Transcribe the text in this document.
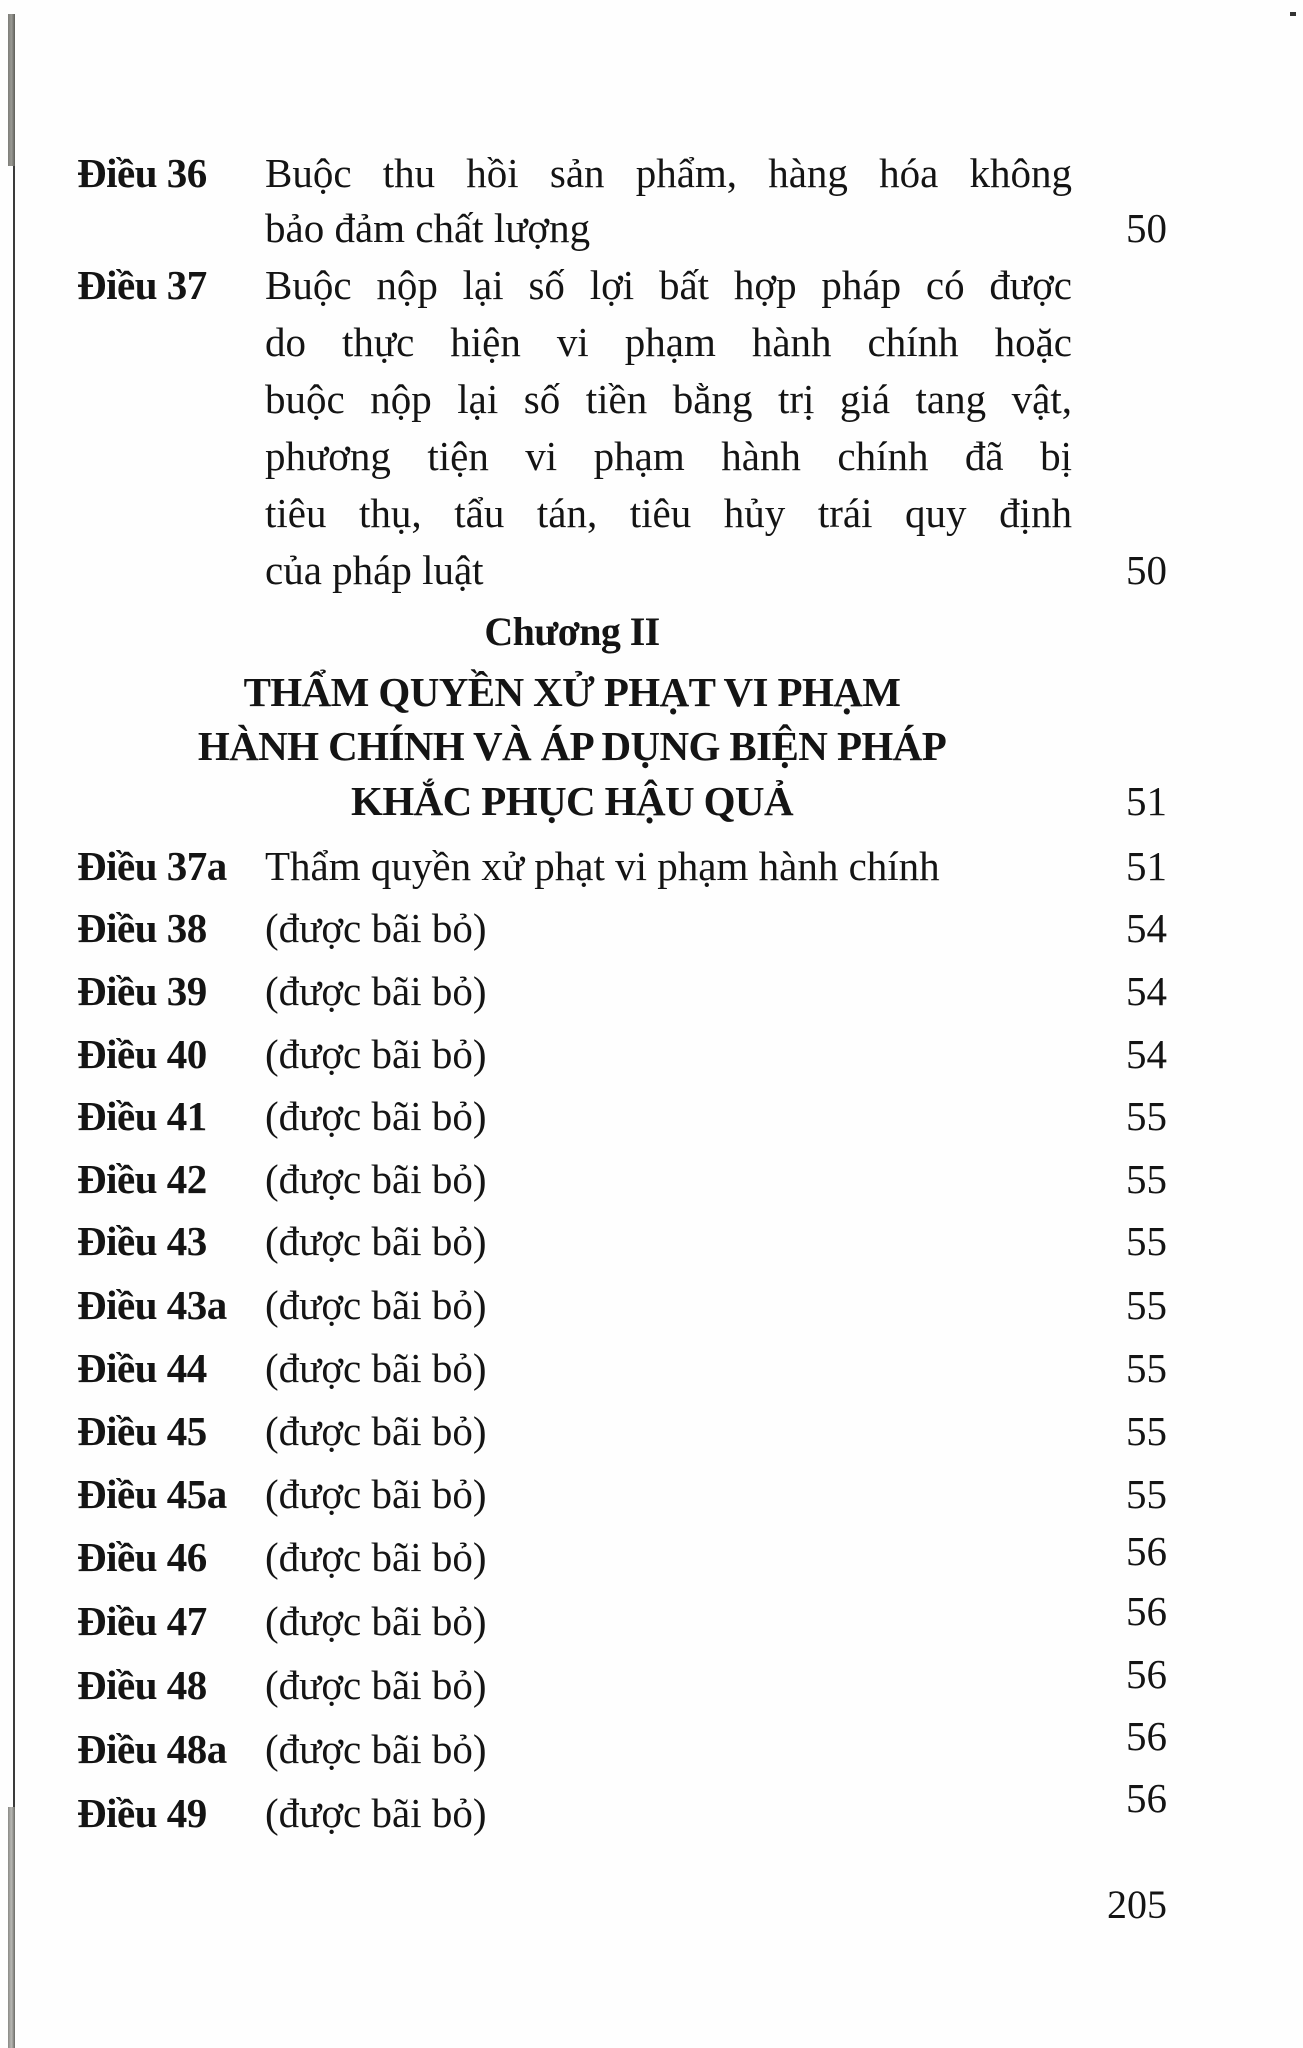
Điều 36 Buộc thu hồi sản phẩm, hàng hóa không
bảo đảm chất lượng	50
Điều 37 Buộc nộp lại số lợi bất hợp pháp có được
do thực hiện vi phạm hành chính hoặc
buộc nộp lại số tiền bằng trị giá tang vật,
phương tiện vi phạm hành chính đã bị
tiêu thụ, tẩu tán, tiêu hủy trái quy định
của pháp luật	50
Chương II
THẨM QUYỀN XỬ PHẠT VI PHẠM
HÀNH CHÍNH VÀ ÁP DỤNG BIỆN PHÁP
KHẮC PHỤC HẬU QUẢ	51
Điều 37a Thẩm quyền xử phạt vi phạm hành chính	51
Điều 38 (được bãi bỏ)	54
Điều 39 (được bãi bỏ)	54
Điều 40 (được bãi bỏ)	54
Điều 41 (được bãi bỏ)	55
Điều 42 (được bãi bỏ)	55
Điều 43 (được bãi bỏ)	55
Điều 43a (được bãi bỏ)	55
Điều 44 (được bãi bỏ)	55
Điều 45 (được bãi bỏ)	55
Điều 45a (được bãi bỏ)	55
Điều 46 (được bãi bỏ)	56
Điều 47 (được bãi bỏ)	56
Điều 48 (được bãi bỏ)	56
Điều 48a (được bãi bỏ)	56
Điều 49 (được bãi bỏ)	56
205
